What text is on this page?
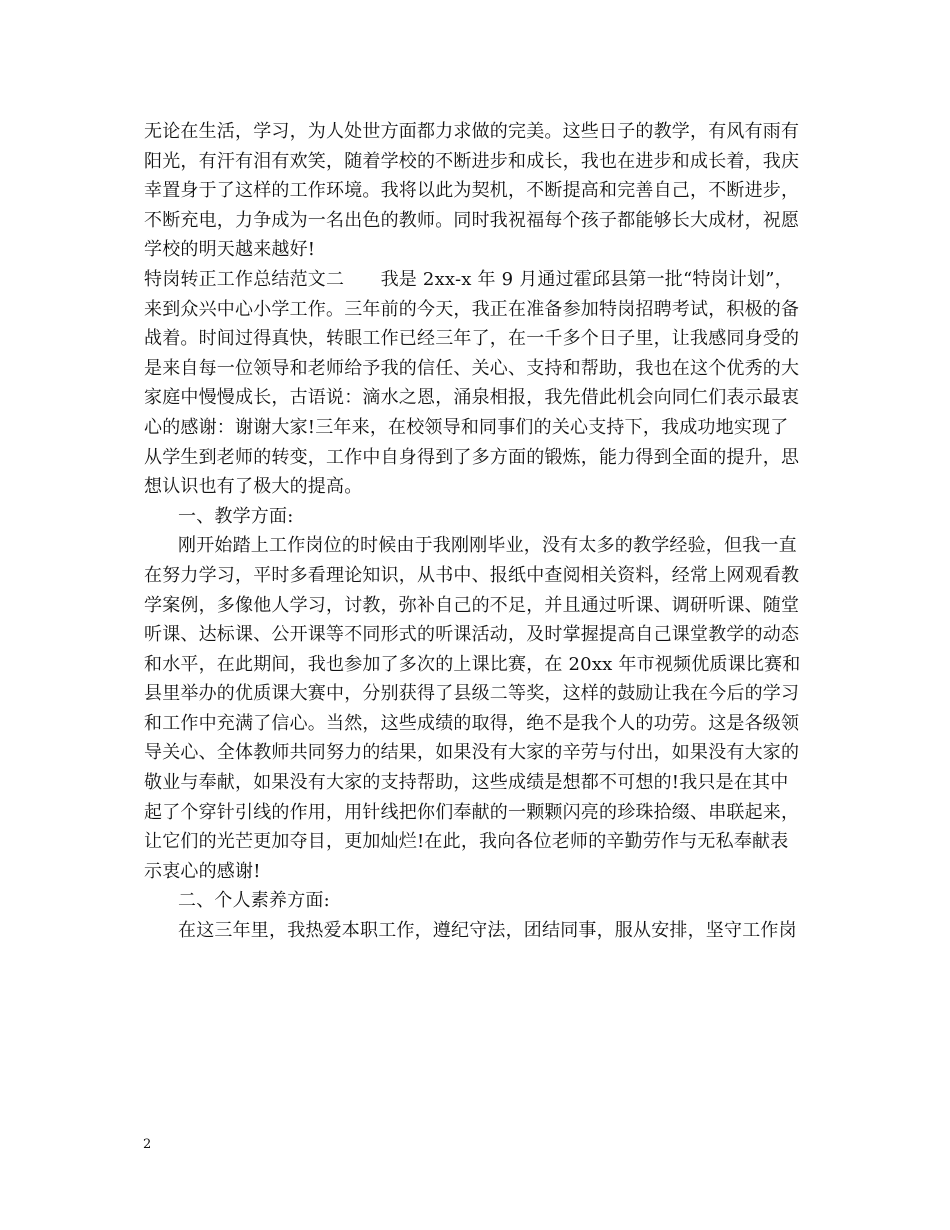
无论在生活，学习，为人处世方面都力求做的完美。这些日子的教学，有风有雨有
阳光，有汗有泪有欢笑，随着学校的不断进步和成长，我也在进步和成长着，我庆
幸置身于了这样的工作环境。我将以此为契机，不断提高和完善自己，不断进步，
不断充电，力争成为一名出色的教师。同时我祝福每个孩子都能够长大成材，祝愿
学校的明天越来越好!
特岗转正工作总结范文二　　我是 2xx-x 年 9 月通过霍邱县第一批“特岗计划”，
来到众兴中心小学工作。三年前的今天，我正在准备参加特岗招聘考试，积极的备
战着。时间过得真快，转眼工作已经三年了，在一千多个日子里，让我感同身受的
是来自每一位领导和老师给予我的信任、关心、支持和帮助，我也在这个优秀的大
家庭中慢慢成长，古语说：滴水之恩，涌泉相报，我先借此机会向同仁们表示最衷
心的感谢：谢谢大家!三年来，在校领导和同事们的关心支持下，我成功地实现了
从学生到老师的转变，工作中自身得到了多方面的锻炼，能力得到全面的提升，思
想认识也有了极大的提高。
一、教学方面:
刚开始踏上工作岗位的时候由于我刚刚毕业，没有太多的教学经验，但我一直
在努力学习，平时多看理论知识，从书中、报纸中查阅相关资料，经常上网观看教
学案例，多像他人学习，讨教，弥补自己的不足，并且通过听课、调研听课、随堂
听课、达标课、公开课等不同形式的听课活动，及时掌握提高自己课堂教学的动态
和水平，在此期间，我也参加了多次的上课比赛，在 20xx 年市视频优质课比赛和
县里举办的优质课大赛中，分别获得了县级二等奖，这样的鼓励让我在今后的学习
和工作中充满了信心。当然，这些成绩的取得，绝不是我个人的功劳。这是各级领
导关心、全体教师共同努力的结果，如果没有大家的辛劳与付出，如果没有大家的
敬业与奉献，如果没有大家的支持帮助，这些成绩是想都不可想的!我只是在其中
起了个穿针引线的作用，用针线把你们奉献的一颗颗闪亮的珍珠拾缀、串联起来，
让它们的光芒更加夺目，更加灿烂!在此，我向各位老师的辛勤劳作与无私奉献表
示衷心的感谢!
二、个人素养方面:
在这三年里，我热爱本职工作，遵纪守法，团结同事，服从安排，坚守工作岗
2
